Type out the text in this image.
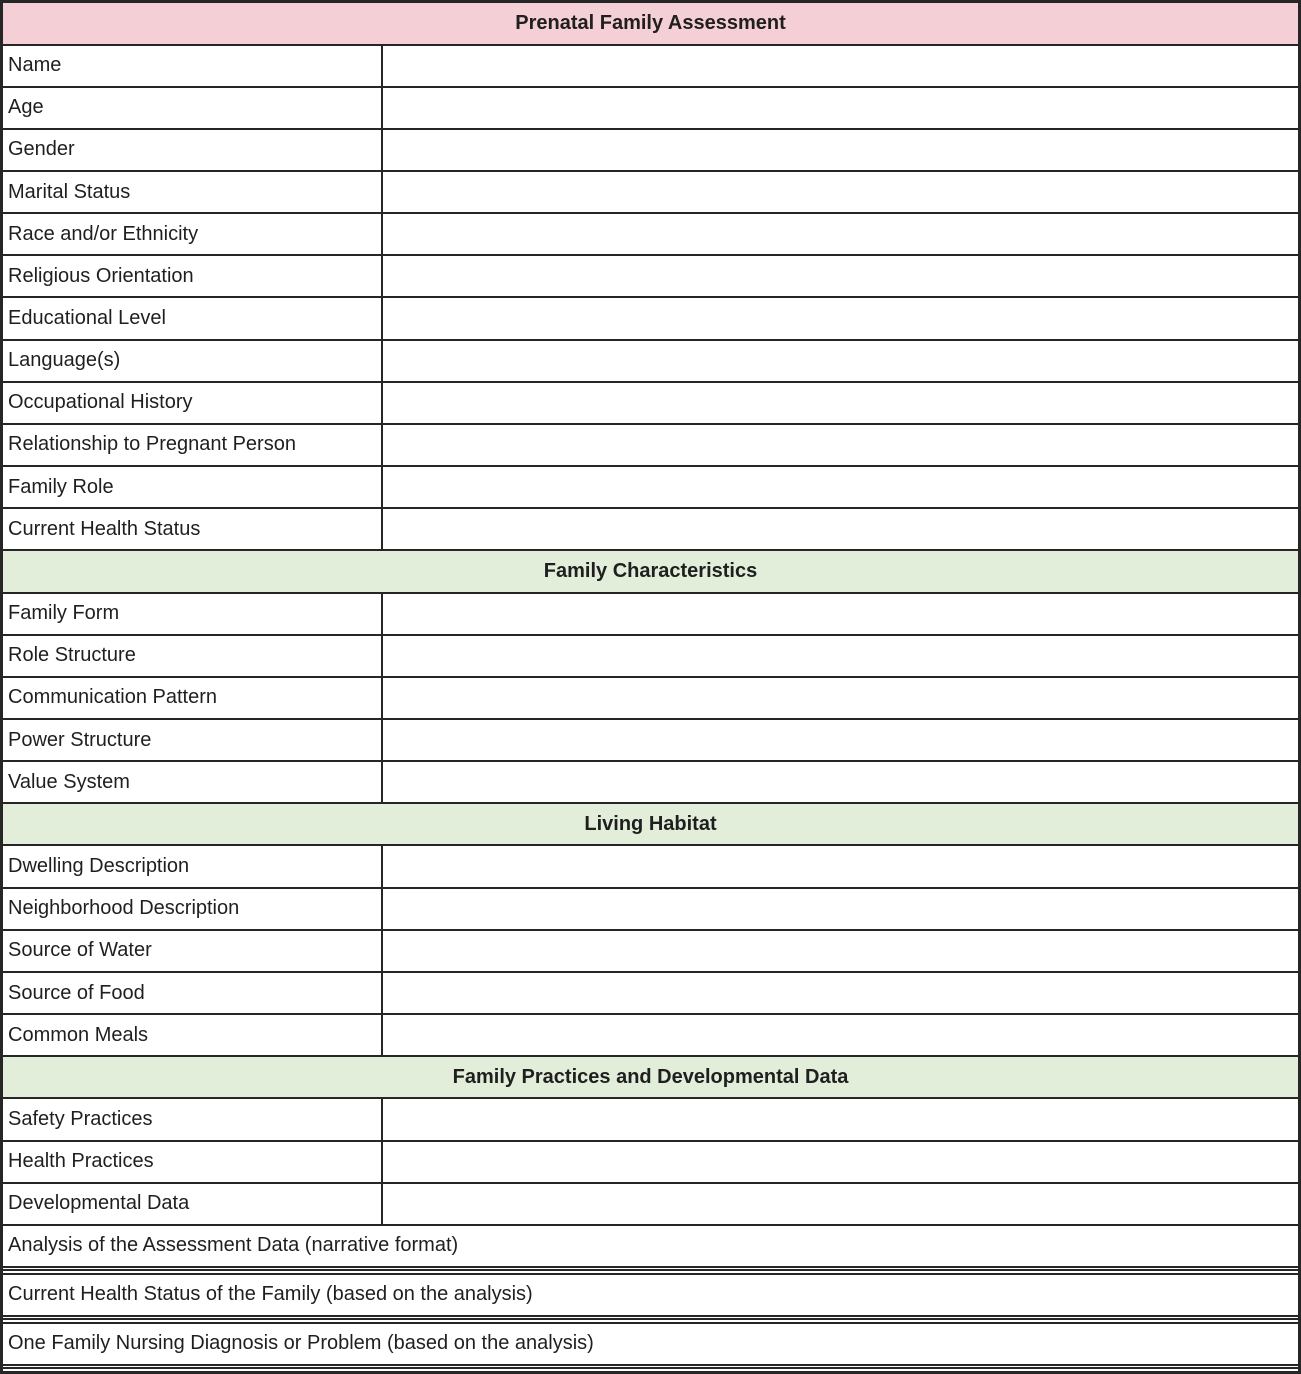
Prenatal Family Assessment	
Name	
Age	
Gender	
Marital Status	
Race and/or Ethnicity	
Religious Orientation	
Educational Level	
Language(s)	
Occupational History	
Relationship to Pregnant Person	
Family Role	
Current Health Status	
Family Characteristics	
Family Form	
Role Structure	
Communication Pattern	
Power Structure	
Value System	
Living Habitat	
Dwelling Description	
Neighborhood Description	
Source of Water	
Source of Food	
Common Meals	
Family Practices and Developmental Data	
Safety Practices	
Health Practices	
Developmental Data	
Analysis of the Assessment Data (narrative format)	

Current Health Status of the Family (based on the analysis)	

One Family Nursing Diagnosis or Problem (based on the analysis)	
